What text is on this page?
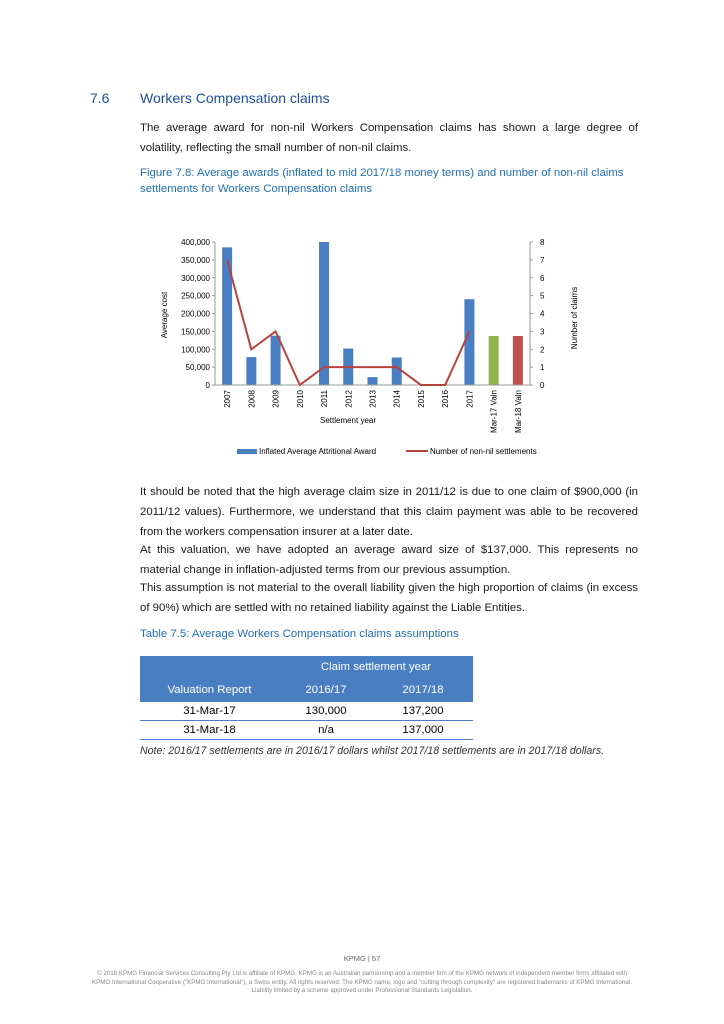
7.6 Workers Compensation claims
The average award for non-nil Workers Compensation claims has shown a large degree of volatility, reflecting the small number of non-nil claims.
Figure 7.8: Average awards (inflated to mid 2017/18 money terms) and number of non-nil claims settlements for Workers Compensation claims
0
50,000
100,000
150,000
200,000
250,000
300,000
350,000
400,000
0
1
2
3
4
5
6
7
8
2007 2008 2009 2010 2011 2012 2013 2014 2015 2016 2017 Mar-17 Valn Mar-18 Valn
Average cost	Number of claims
Settlement year
Inflated Average Attritional Award	Number of non-nil settlements
It should be noted that the high average claim size in 2011/12 is due to one claim of $900,000 (in 2011/12 values). Furthermore, we understand that this claim payment was able to be recovered from the workers compensation insurer at a later date.
At this valuation, we have adopted an average award size of $137,000. This represents no material change in inflation-adjusted terms from our previous assumption.
This assumption is not material to the overall liability given the high proportion of claims (in excess of 90%) which are settled with no retained liability against the Liable Entities.
Table 7.5: Average Workers Compensation claims assumptions
	Claim settlement year	
Valuation Report	2016/17	2017/18
31-Mar-17	130,000	137,200
31-Mar-18	n/a	137,000
Note: 2016/17 settlements are in 2016/17 dollars whilst 2017/18 settlements are in 2017/18 dollars.
KPMG | 57
© 2018 KPMG Financial Services Consulting Pty Ltd is affiliate of KPMG. KPMG is an Australian partnership and a member firm of the KPMG network of independent member firms affiliated with KPMG International Cooperative ("KPMG International"), a Swiss entity. All rights reserved. The KPMG name, logo and "cutting through complexity" are registered trademarks of KPMG International. Liability limited by a scheme approved under Professional Standards Legislation.
